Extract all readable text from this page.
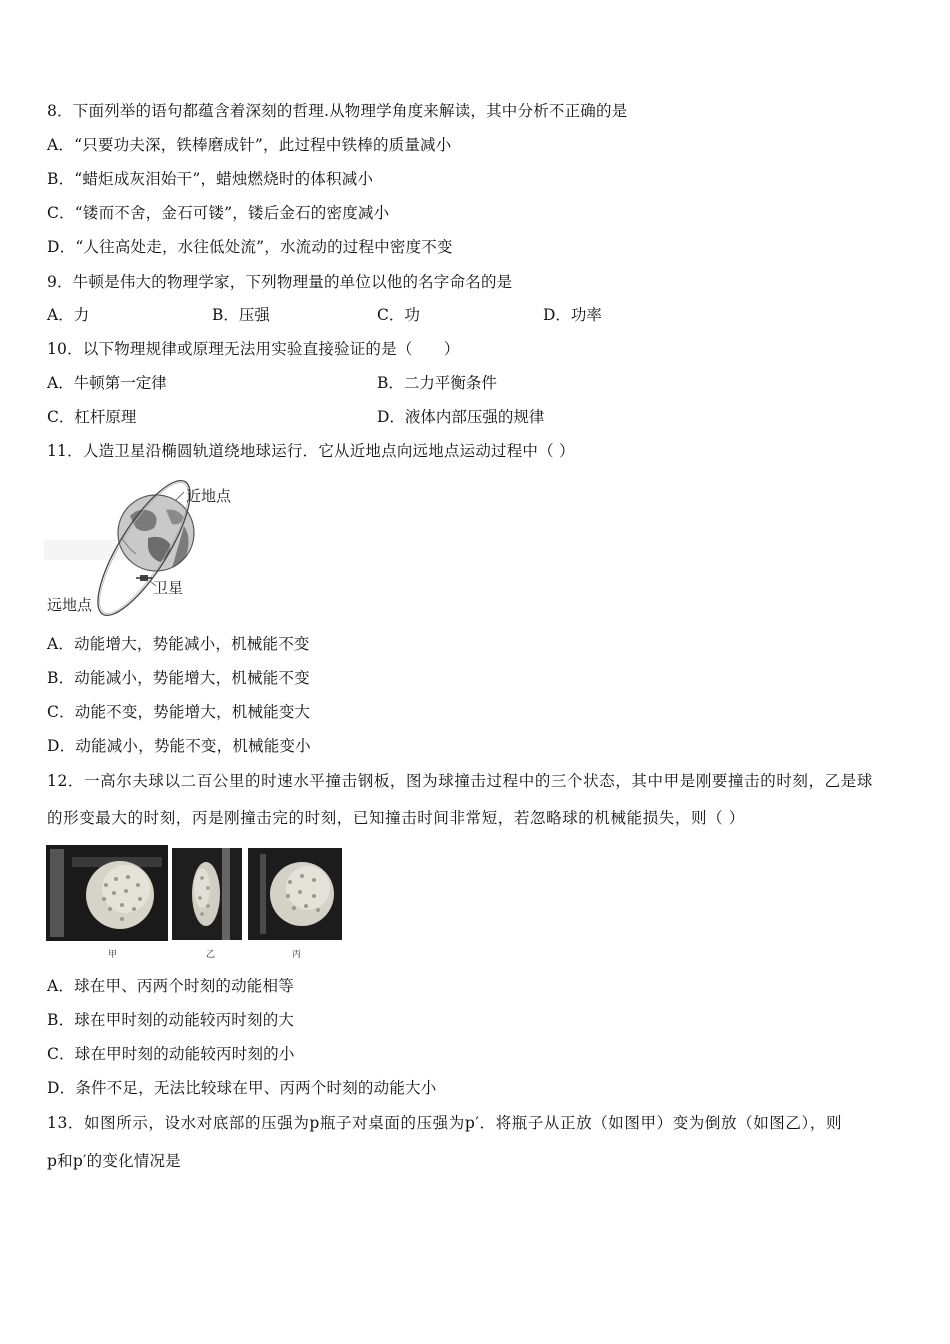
8．下面列举的语句都蕴含着深刻的哲理.从物理学角度来解读，其中分析不正确的是
A．“只要功夫深，铁棒磨成针”，此过程中铁棒的质量减小
B．“蜡炬成灰泪始干”，蜡烛燃烧时的体积减小
C．“镂而不舍，金石可镂”，镂后金石的密度减小
D．“人往高处走，水往低处流”，水流动的过程中密度不变
9．牛顿是伟大的物理学家，下列物理量的单位以他的名字命名的是
A．力	B．压强	C．功	D．功率
10．以下物理规律或原理无法用实验直接验证的是（　　）
A．牛顿第一定律	B．二力平衡条件
C．杠杆原理	D．液体内部压强的规律
11．人造卫星沿椭圆轨道绕地球运行．它从近地点向远地点运动过程中（ ）
近地点
卫星
远地点
A．动能增大，势能减小，机械能不变
B．动能减小，势能增大，机械能不变
C．动能不变，势能增大，机械能变大
D．动能减小，势能不变，机械能变小
12．一高尔夫球以二百公里的时速水平撞击钢板，图为球撞击过程中的三个状态，其中甲是刚要撞击的时刻，乙是球
的形变最大的时刻，丙是刚撞击完的时刻，已知撞击时间非常短，若忽略球的机械能损失，则（ ）
甲	乙	丙
A．球在甲、丙两个时刻的动能相等
B．球在甲时刻的动能较丙时刻的大
C．球在甲时刻的动能较丙时刻的小
D．条件不足，无法比较球在甲、丙两个时刻的动能大小
13．如图所示，设水对底部的压强为p瓶子对桌面的压强为p′．将瓶子从正放（如图甲）变为倒放（如图乙），则
p和p′的变化情况是
